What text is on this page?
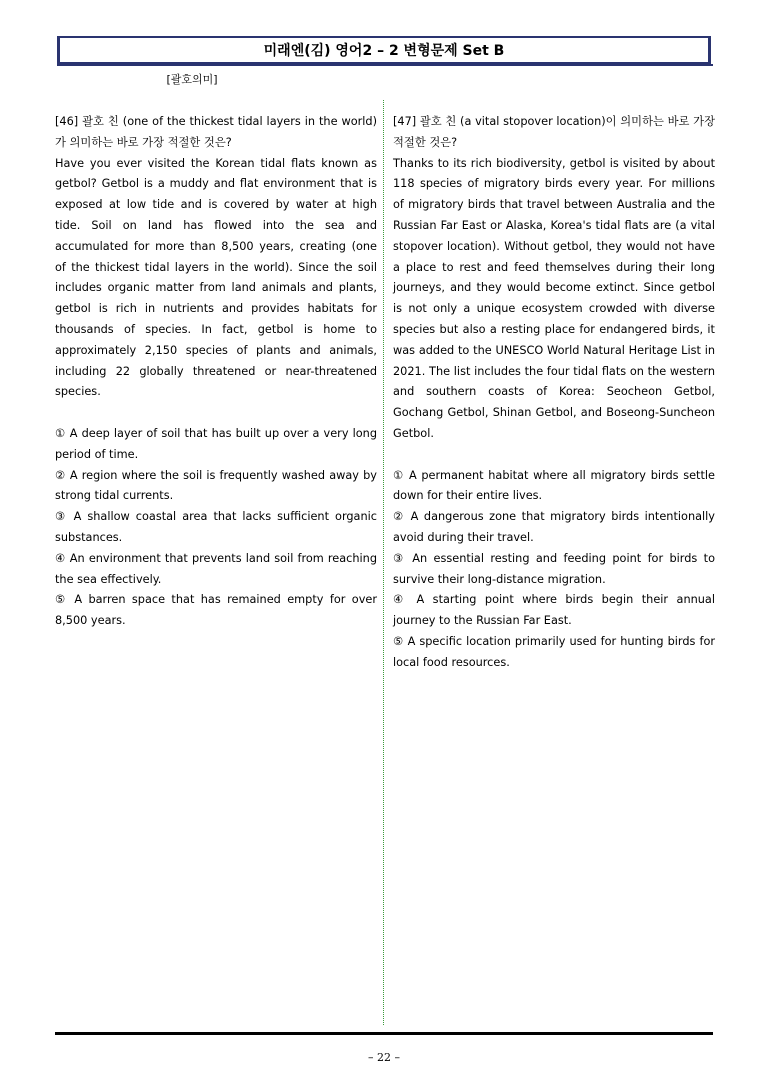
미래엔(김) 영어2 – 2 변형문제 Set B
[괄호의미]

[46] 괄호 친 (one of the thickest tidal layers in the world)가 의미하는 바로 가장 적절한 것은?

Have you ever visited the Korean tidal flats known as getbol? Getbol is a muddy and flat environment that is exposed at low tide and is covered by water at high tide. Soil on land has flowed into the sea and accumulated for more than 8,500 years, creating (one of the thickest tidal layers in the world). Since the soil includes organic matter from land animals and plants, getbol is rich in nutrients and provides habitats for thousands of species. In fact, getbol is home to approximately 2,150 species of plants and animals, including 22 globally threatened or near-threatened species.

① A deep layer of soil that has built up over a very long period of time.

② A region where the soil is frequently washed away by strong tidal currents.

③ A shallow coastal area that lacks sufficient organic substances.

④ An environment that prevents land soil from reaching the sea effectively.

⑤ A barren space that has remained empty for over 8,500 years.

[47] 괄호 친 (a vital stopover location)이 의미하는 바로 가장 적절한 것은?

Thanks to its rich biodiversity, getbol is visited by about 118 species of migratory birds every year. For millions of migratory birds that travel between Australia and the Russian Far East or Alaska, Korea's tidal flats are (a vital stopover location). Without getbol, they would not have a place to rest and feed themselves during their long journeys, and they would become extinct. Since getbol is not only a unique ecosystem crowded with diverse species but also a resting place for endangered birds, it was added to the UNESCO World Natural Heritage List in 2021. The list includes the four tidal flats on the western and southern coasts of Korea: Seocheon Getbol, Gochang Getbol, Shinan Getbol, and Boseong-Suncheon Getbol.

① A permanent habitat where all migratory birds settle down for their entire lives.

② A dangerous zone that migratory birds intentionally avoid during their travel.

③ An essential resting and feeding point for birds to survive their long-distance migration.

④ A starting point where birds begin their annual journey to the Russian Far East.

⑤ A specific location primarily used for hunting birds for local food resources.

– 22 –
